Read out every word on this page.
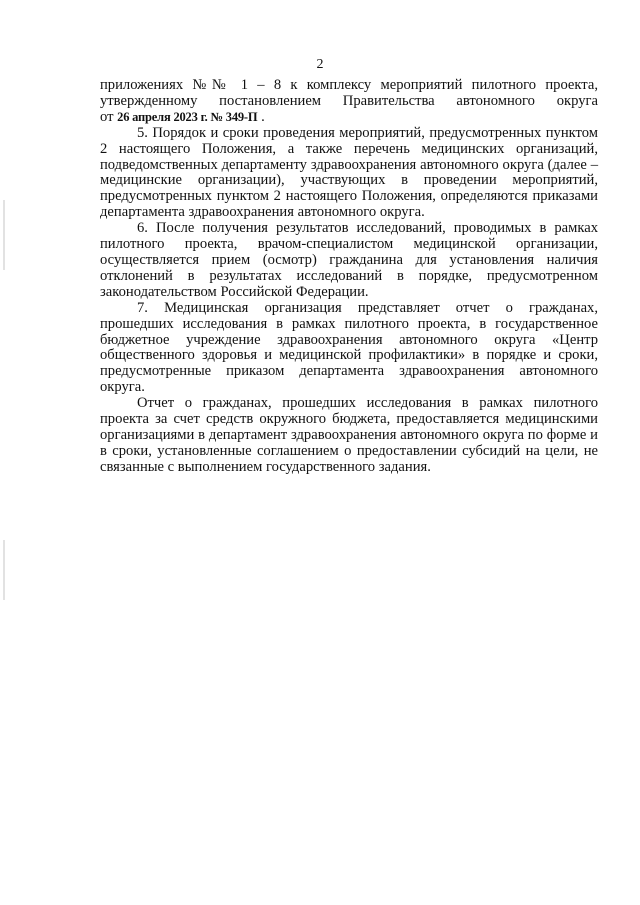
2

приложениях №№ 1 – 8 к комплексу мероприятий пилотного проекта,
утвержденному постановлением Правительства автономного округа
от 26 апреля 2023 г. № 349-П .

5. Порядок и сроки проведения мероприятий, предусмотренных пунктом 2 настоящего Положения, а также перечень медицинских организаций, подведомственных департаменту здравоохранения автономного округа (далее – медицинские организации), участвующих в проведении мероприятий, предусмотренных пунктом 2 настоящего Положения, определяются приказами департамента здравоохранения автономного округа.

6. После получения результатов исследований, проводимых в рамках пилотного проекта, врачом-специалистом медицинской организации, осуществляется прием (осмотр) гражданина для установления наличия отклонений в результатах исследований в порядке, предусмотренном законодательством Российской Федерации.

7. Медицинская организация представляет отчет о гражданах, прошедших исследования в рамках пилотного проекта, в государственное бюджетное учреждение здравоохранения автономного округа «Центр общественного здоровья и медицинской профилактики» в порядке и сроки, предусмотренные приказом департамента здравоохранения автономного округа.

Отчет о гражданах, прошедших исследования в рамках пилотного проекта за счет средств окружного бюджета, предоставляется медицинскими организациями в департамент здравоохранения автономного округа по форме и в сроки, установленные соглашением о предоставлении субсидий на цели, не связанные с выполнением государственного задания.
